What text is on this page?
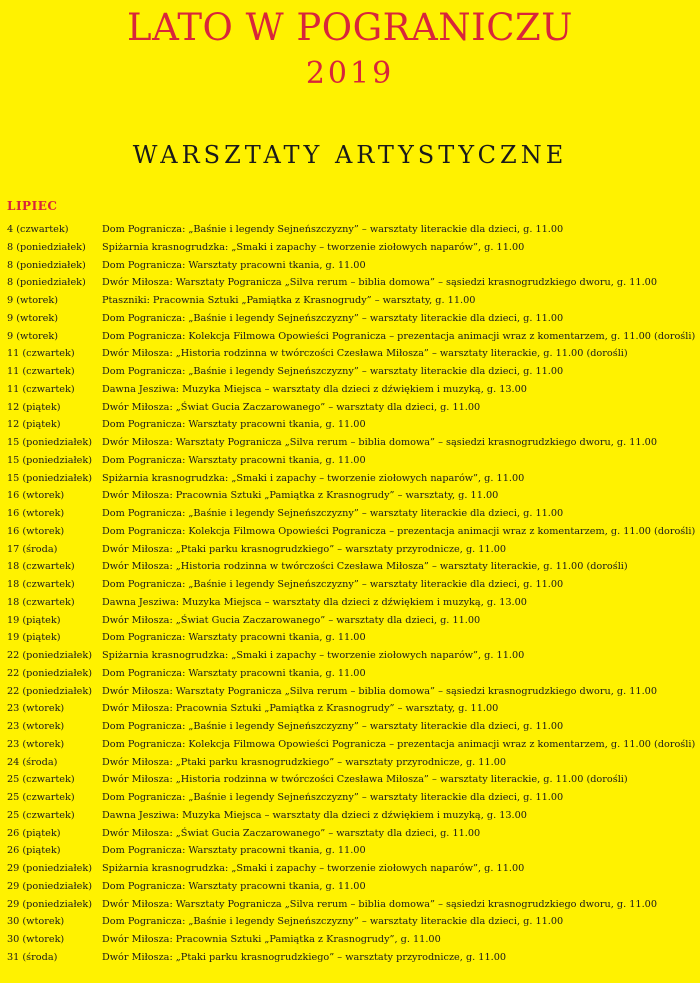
LATO W POGRANICZU
2019
WARSZTATY ARTYSTYCZNE
LIPIEC
4 (czwartek)	Dom Pogranicza: „Baśnie i legendy Sejneńszczyzny” – warsztaty literackie dla dzieci, g. 11.00
8 (poniedziałek)	Spiżarnia krasnogrudzka: „Smaki i zapachy – tworzenie ziołowych naparów”, g. 11.00
8 (poniedziałek)	Dom Pogranicza: Warsztaty pracowni tkania, g. 11.00
8 (poniedziałek)	Dwór Miłosza: Warsztaty Pogranicza „Silva rerum – biblia domowa” – sąsiedzi krasnogrudzkiego dworu, g. 11.00
9 (wtorek)	Ptaszniki: Pracownia Sztuki „Pamiątka z Krasnogrudy” – warsztaty, g. 11.00
9 (wtorek)	Dom Pogranicza: „Baśnie i legendy Sejneńszczyzny” – warsztaty literackie dla dzieci, g. 11.00
9 (wtorek)	Dom Pogranicza: Kolekcja Filmowa Opowieści Pogranicza – prezentacja animacji wraz z komentarzem, g. 11.00 (dorośli)
11 (czwartek)	Dwór Miłosza: „Historia rodzinna w twórczości Czesława Miłosza” – warsztaty literackie, g. 11.00 (dorośli)
11 (czwartek)	Dom Pogranicza: „Baśnie i legendy Sejneńszczyzny” – warsztaty literackie dla dzieci, g. 11.00
11 (czwartek)	Dawna Jesziwa: Muzyka Miejsca – warsztaty dla dzieci z dźwiękiem i muzyką, g. 13.00
12 (piątek)	Dwór Miłosza: „Świat Gucia Zaczarowanego” – warsztaty dla dzieci, g. 11.00
12 (piątek)	Dom Pogranicza: Warsztaty pracowni tkania, g. 11.00
15 (poniedziałek)	Dwór Miłosza: Warsztaty Pogranicza „Silva rerum – biblia domowa” – sąsiedzi krasnogrudzkiego dworu, g. 11.00
15 (poniedziałek)	Dom Pogranicza: Warsztaty pracowni tkania, g. 11.00
15 (poniedziałek)	Spiżarnia krasnogrudzka: „Smaki i zapachy – tworzenie ziołowych naparów”, g. 11.00
16 (wtorek)	Dwór Miłosza: Pracownia Sztuki „Pamiątka z Krasnogrudy” – warsztaty, g. 11.00
16 (wtorek)	Dom Pogranicza: „Baśnie i legendy Sejneńszczyzny” – warsztaty literackie dla dzieci, g. 11.00
16 (wtorek)	Dom Pogranicza: Kolekcja Filmowa Opowieści Pogranicza – prezentacja animacji wraz z komentarzem, g. 11.00 (dorośli)
17 (środa)	Dwór Miłosza: „Ptaki parku krasnogrudzkiego” – warsztaty przyrodnicze, g. 11.00
18 (czwartek)	Dwór Miłosza: „Historia rodzinna w twórczości Czesława Miłosza” – warsztaty literackie, g. 11.00 (dorośli)
18 (czwartek)	Dom Pogranicza: „Baśnie i legendy Sejneńszczyzny” – warsztaty literackie dla dzieci, g. 11.00
18 (czwartek)	Dawna Jesziwa: Muzyka Miejsca – warsztaty dla dzieci z dźwiękiem i muzyką, g. 13.00
19 (piątek)	Dwór Miłosza: „Świat Gucia Zaczarowanego” – warsztaty dla dzieci, g. 11.00
19 (piątek)	Dom Pogranicza: Warsztaty pracowni tkania, g. 11.00
22 (poniedziałek)	Spiżarnia krasnogrudzka: „Smaki i zapachy – tworzenie ziołowych naparów”, g. 11.00
22 (poniedziałek)	Dom Pogranicza: Warsztaty pracowni tkania, g. 11.00
22 (poniedziałek)	Dwór Miłosza: Warsztaty Pogranicza „Silva rerum – biblia domowa” – sąsiedzi krasnogrudzkiego dworu, g. 11.00
23 (wtorek)	Dwór Miłosza: Pracownia Sztuki „Pamiątka z Krasnogrudy” – warsztaty, g. 11.00
23 (wtorek)	Dom Pogranicza: „Baśnie i legendy Sejneńszczyzny” – warsztaty literackie dla dzieci, g. 11.00
23 (wtorek)	Dom Pogranicza: Kolekcja Filmowa Opowieści Pogranicza – prezentacja animacji wraz z komentarzem, g. 11.00 (dorośli)
24 (środa)	Dwór Miłosza: „Ptaki parku krasnogrudzkiego” – warsztaty przyrodnicze, g. 11.00
25 (czwartek)	Dwór Miłosza: „Historia rodzinna w twórczości Czesława Miłosza” – warsztaty literackie, g. 11.00 (dorośli)
25 (czwartek)	Dom Pogranicza: „Baśnie i legendy Sejneńszczyzny” – warsztaty literackie dla dzieci, g. 11.00
25 (czwartek)	Dawna Jesziwa: Muzyka Miejsca – warsztaty dla dzieci z dźwiękiem i muzyką, g. 13.00
26 (piątek)	Dwór Miłosza: „Świat Gucia Zaczarowanego” – warsztaty dla dzieci, g. 11.00
26 (piątek)	Dom Pogranicza: Warsztaty pracowni tkania, g. 11.00
29 (poniedziałek)	Spiżarnia krasnogrudzka: „Smaki i zapachy – tworzenie ziołowych naparów”, g. 11.00
29 (poniedziałek)	Dom Pogranicza: Warsztaty pracowni tkania, g. 11.00
29 (poniedziałek)	Dwór Miłosza: Warsztaty Pogranicza „Silva rerum – biblia domowa” – sąsiedzi krasnogrudzkiego dworu, g. 11.00
30 (wtorek)	Dom Pogranicza: „Baśnie i legendy Sejneńszczyzny” – warsztaty literackie dla dzieci, g. 11.00
30 (wtorek)	Dwór Miłosza: Pracownia Sztuki „Pamiątka z Krasnogrudy”, g. 11.00
31 (środa)	Dwór Miłosza: „Ptaki parku krasnogrudzkiego” – warsztaty przyrodnicze, g. 11.00
